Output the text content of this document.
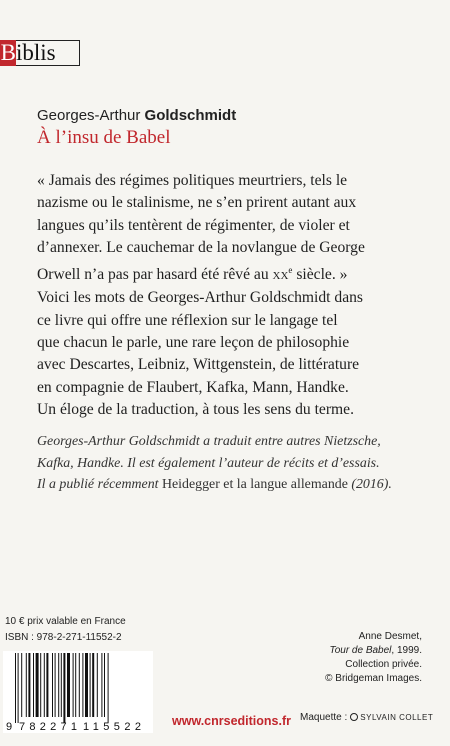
B iblis
Georges-Arthur Goldschmidt
À l’insu de Babel

« Jamais des régimes politiques meurtriers, tels le
nazisme ou le stalinisme, ne s’en prirent autant aux
langues qu’ils tentèrent de régimenter, de violer et
d’annexer. Le cauchemar de la novlangue de George
Orwell n’a pas par hasard été rêvé au XXe siècle. »
Voici les mots de Georges-Arthur Goldschmidt dans
ce livre qui offre une réflexion sur le langage tel
que chacun le parle, une rare leçon de philosophie
avec Descartes, Leibniz, Wittgenstein, de littérature
en compagnie de Flaubert, Kafka, Mann, Handke.
Un éloge de la traduction, à tous les sens du terme.

Georges-Arthur Goldschmidt a traduit entre autres Nietzsche,
Kafka, Handke. Il est également l’auteur de récits et d’essais.
Il a publié récemment Heidegger et la langue allemande (2016).

10 € prix valable en France
ISBN : 978-2-271-11552-2
9 782271 115522 www.cnrseditions.fr

Anne Desmet,
Tour de Babel, 1999.
Collection privée.
© Bridgeman Images.

Maquette : SYLVAIN COLLET
